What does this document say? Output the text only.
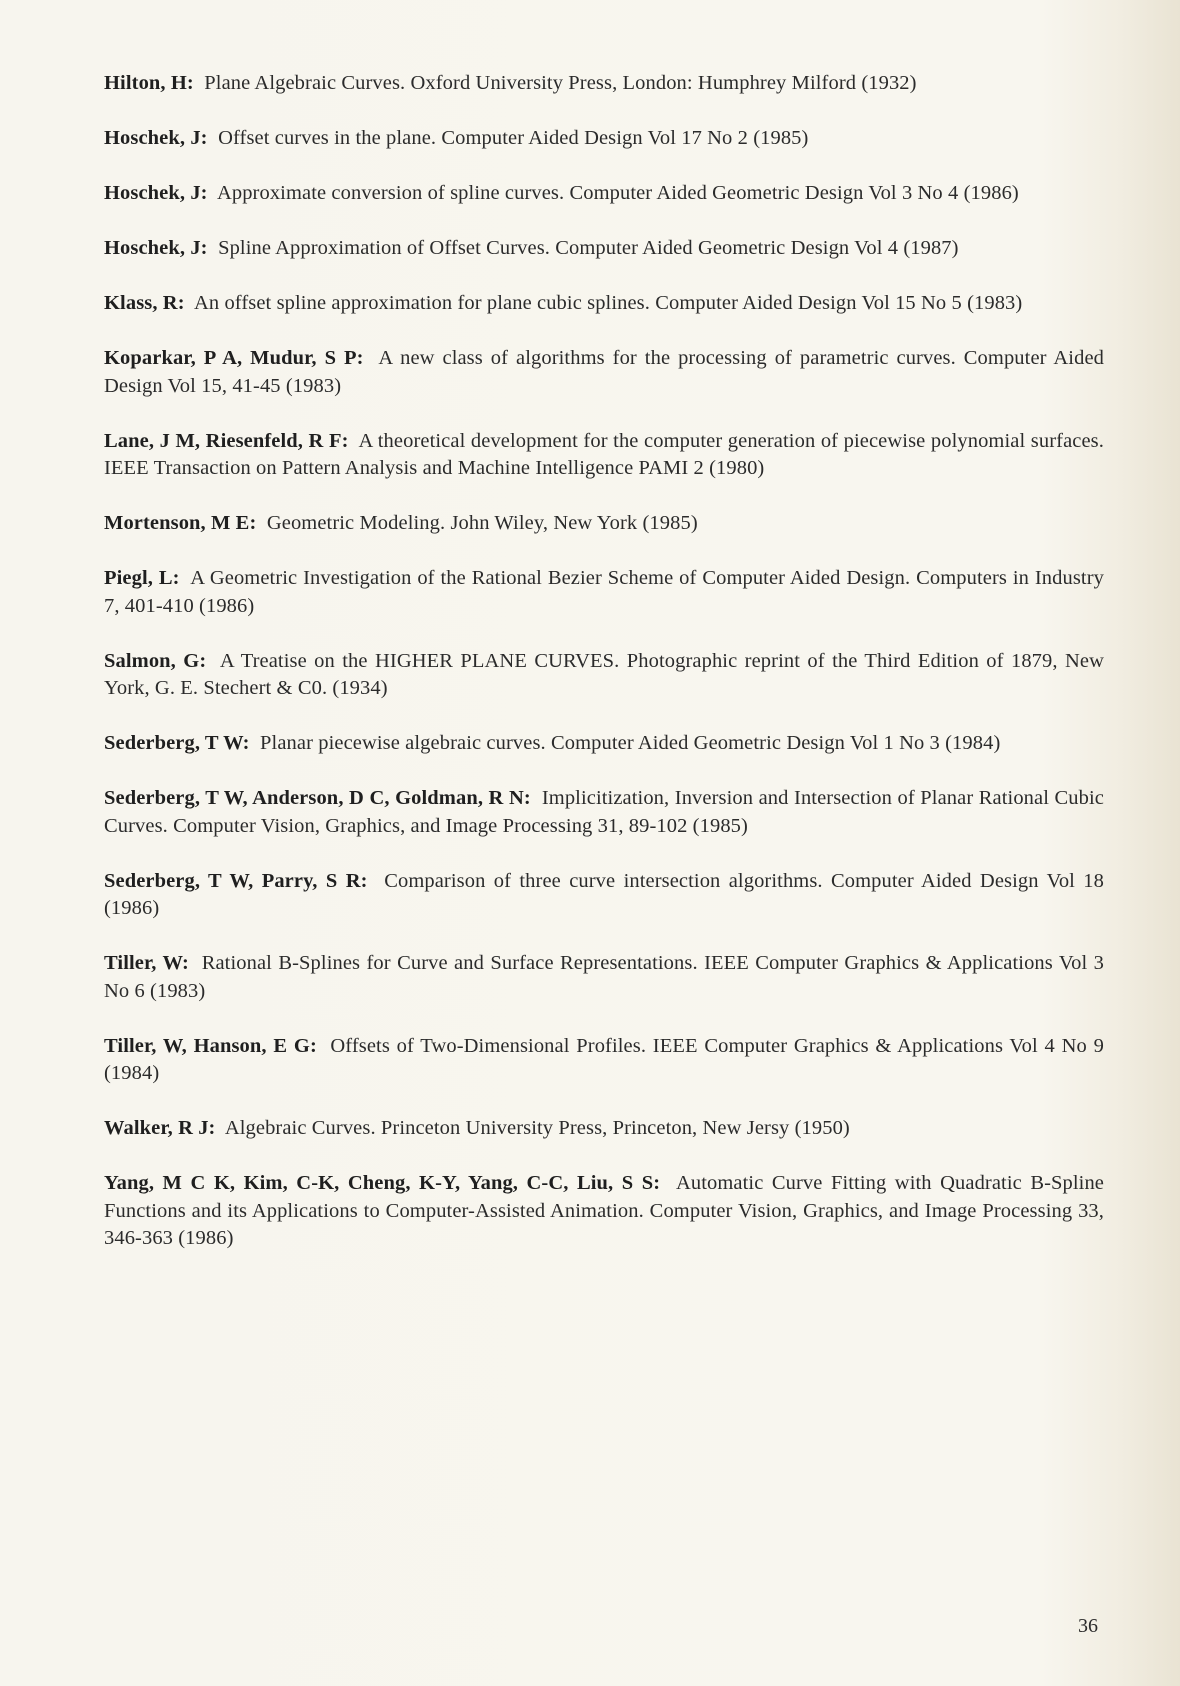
Hilton, H: Plane Algebraic Curves. Oxford University Press, London: Humphrey Milford (1932)

Hoschek, J: Offset curves in the plane. Computer Aided Design Vol 17 No 2 (1985)

Hoschek, J: Approximate conversion of spline curves. Computer Aided Geometric Design Vol 3 No 4 (1986)

Hoschek, J: Spline Approximation of Offset Curves. Computer Aided Geometric Design Vol 4 (1987)

Klass, R: An offset spline approximation for plane cubic splines. Computer Aided Design Vol 15 No 5 (1983)

Koparkar, P A, Mudur, S P: A new class of algorithms for the processing of parametric curves. Computer Aided Design Vol 15, 41-45 (1983)

Lane, J M, Riesenfeld, R F: A theoretical development for the computer generation of piecewise polynomial surfaces. IEEE Transaction on Pattern Analysis and Machine Intelligence PAMI 2 (1980)

Mortenson, M E: Geometric Modeling. John Wiley, New York (1985)

Piegl, L: A Geometric Investigation of the Rational Bezier Scheme of Computer Aided Design. Computers in Industry 7, 401-410 (1986)

Salmon, G: A Treatise on the HIGHER PLANE CURVES. Photographic reprint of the Third Edition of 1879, New York, G. E. Stechert & C0. (1934)

Sederberg, T W: Planar piecewise algebraic curves. Computer Aided Geometric Design Vol 1 No 3 (1984)

Sederberg, T W, Anderson, D C, Goldman, R N: Implicitization, Inversion and Intersection of Planar Rational Cubic Curves. Computer Vision, Graphics, and Image Processing 31, 89-102 (1985)

Sederberg, T W, Parry, S R: Comparison of three curve intersection algorithms. Computer Aided Design Vol 18 (1986)

Tiller, W: Rational B-Splines for Curve and Surface Representations. IEEE Computer Graphics & Applications Vol 3 No 6 (1983)

Tiller, W, Hanson, E G: Offsets of Two-Dimensional Profiles. IEEE Computer Graphics & Applications Vol 4 No 9 (1984)

Walker, R J: Algebraic Curves. Princeton University Press, Princeton, New Jersy (1950)

Yang, M C K, Kim, C-K, Cheng, K-Y, Yang, C-C, Liu, S S: Automatic Curve Fitting with Quadratic B-Spline Functions and its Applications to Computer-Assisted Animation. Computer Vision, Graphics, and Image Processing 33, 346-363 (1986)

36
